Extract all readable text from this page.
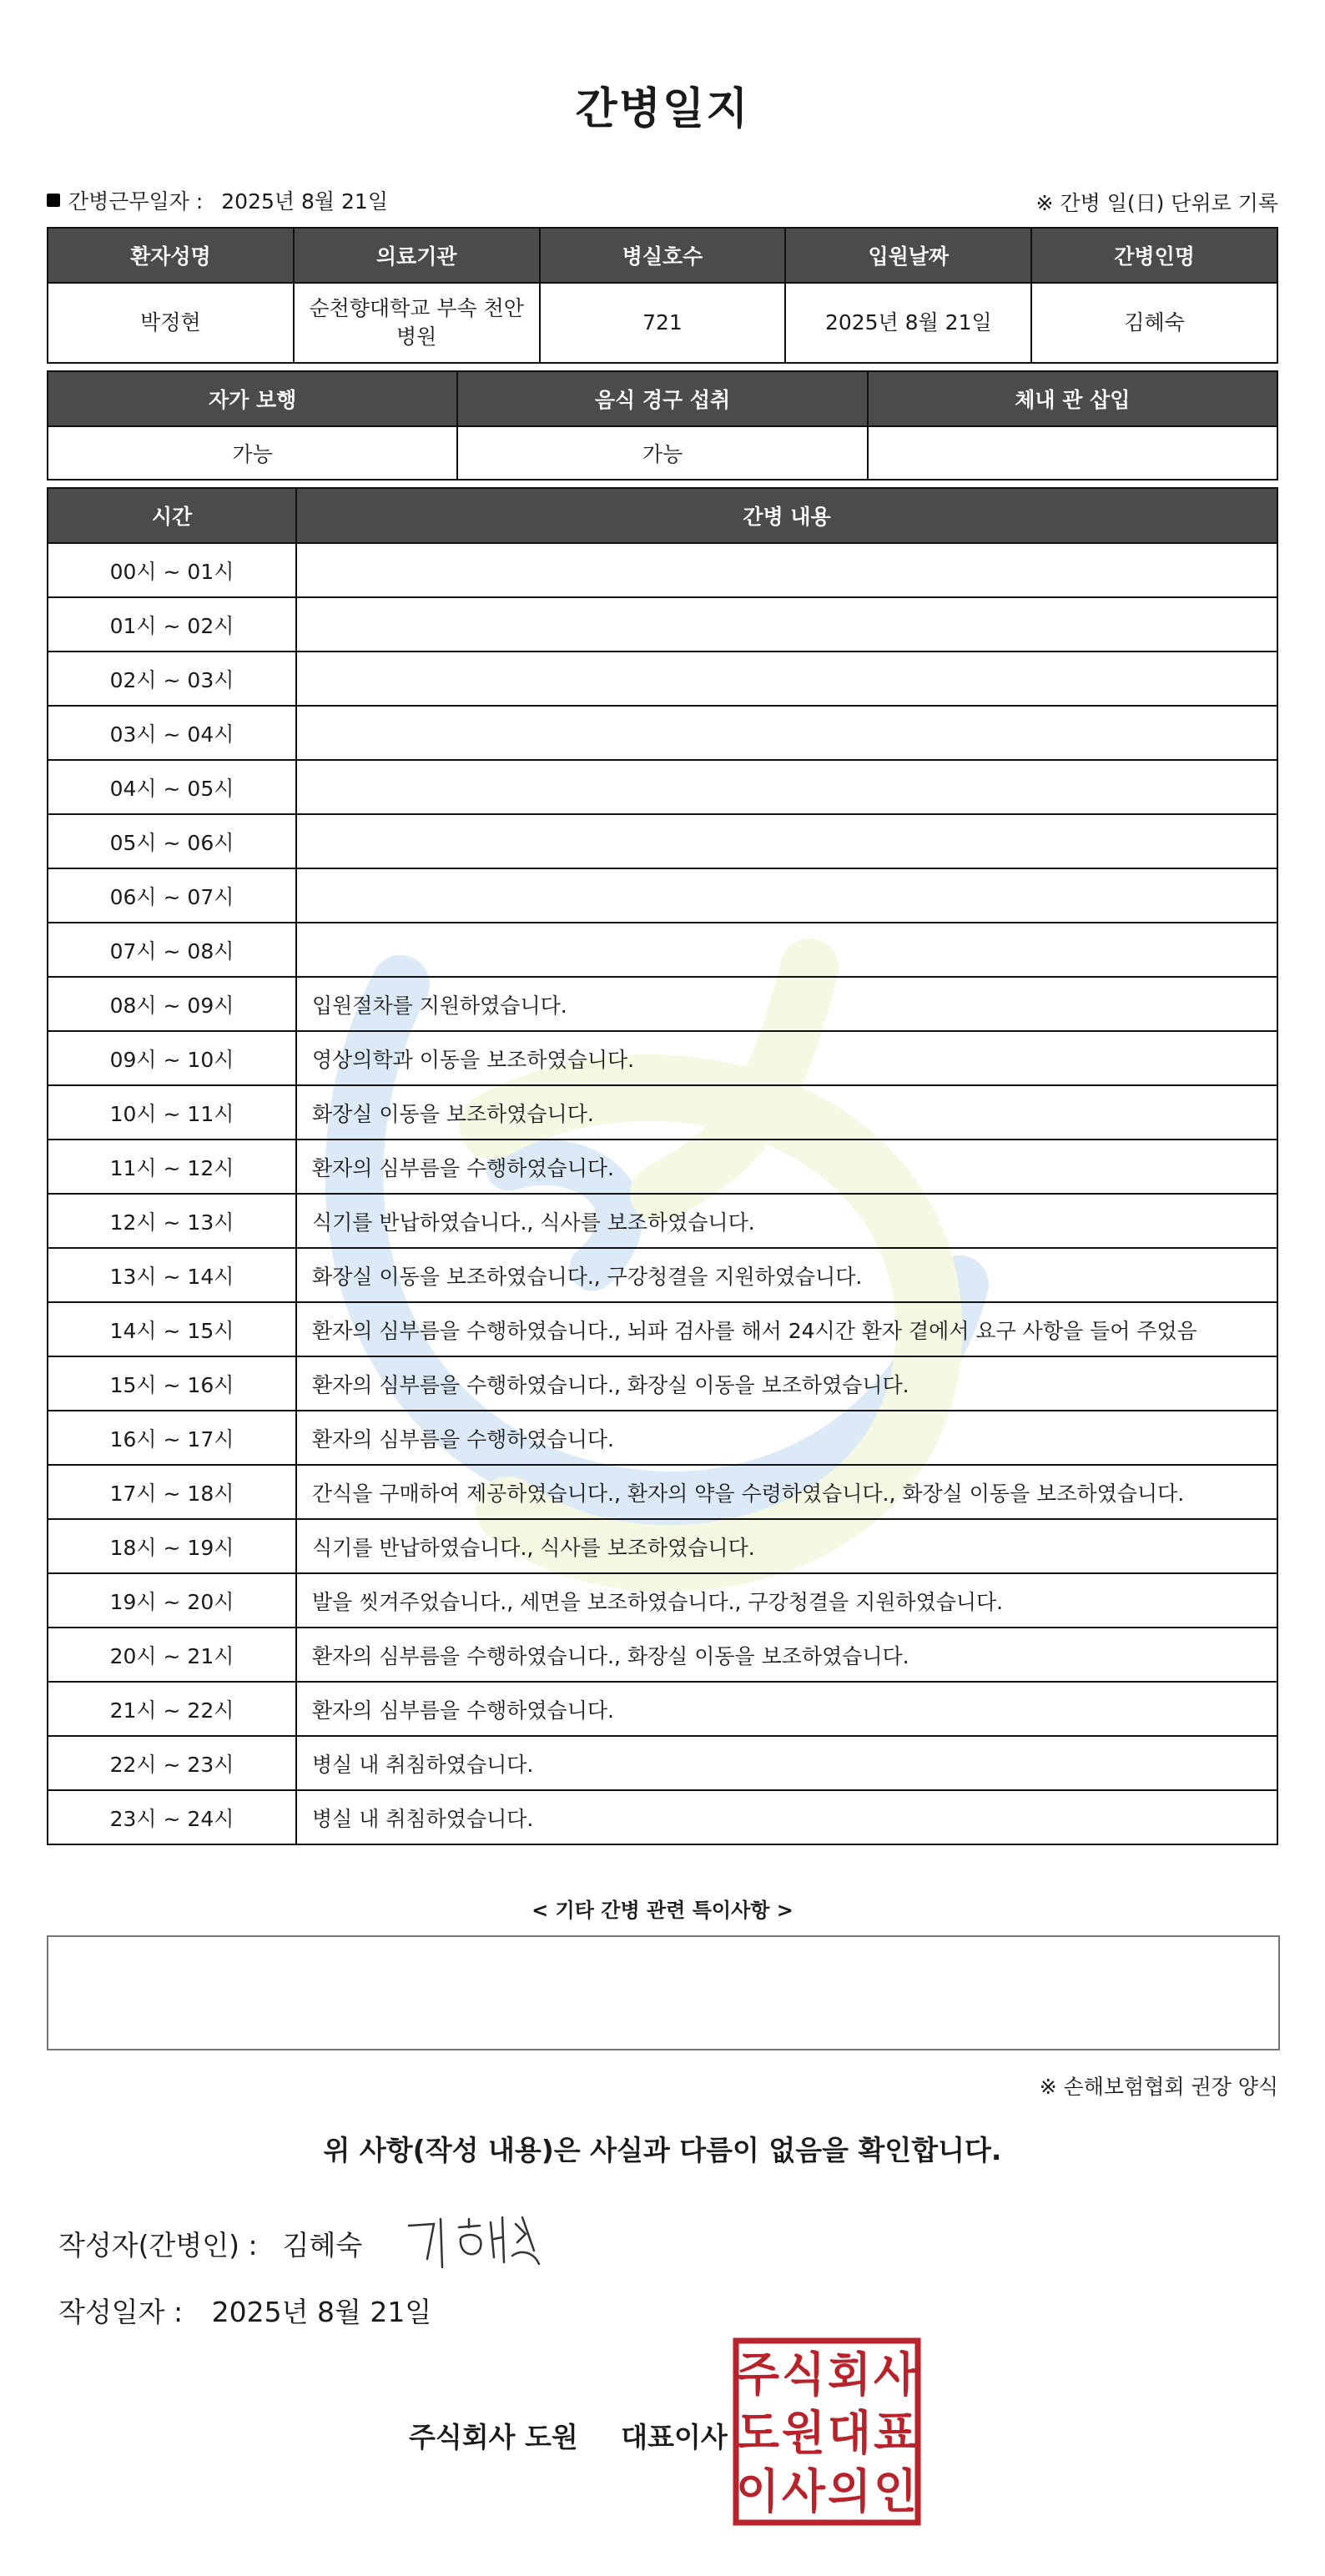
간병일지
간병근무일자 : 2025년 8월 21일	※ 간병 일(日) 단위로 기록
환자성명	의료기관	병실호수	입원날짜	간병인명
박정현	순천향대학교 부속 천안 병원	721	2025년 8월 21일	김혜숙
자가 보행	음식 경구 섭취	체내 관 삽입
가능	가능	
시간	간병 내용
00시 ~ 01시	
01시 ~ 02시	
02시 ~ 03시	
03시 ~ 04시	
04시 ~ 05시	
05시 ~ 06시	
06시 ~ 07시	
07시 ~ 08시	
08시 ~ 09시	입원절차를 지원하였습니다.
09시 ~ 10시	영상의학과 이동을 보조하였습니다.
10시 ~ 11시	화장실 이동을 보조하였습니다.
11시 ~ 12시	환자의 심부름을 수행하였습니다.
12시 ~ 13시	식기를 반납하였습니다., 식사를 보조하였습니다.
13시 ~ 14시	화장실 이동을 보조하였습니다., 구강청결을 지원하였습니다.
14시 ~ 15시	환자의 심부름을 수행하였습니다., 뇌파 검사를 해서 24시간 환자 곁에서 요구 사항을 들어 주었음
15시 ~ 16시	환자의 심부름을 수행하였습니다., 화장실 이동을 보조하였습니다.
16시 ~ 17시	환자의 심부름을 수행하였습니다.
17시 ~ 18시	간식을 구매하여 제공하였습니다., 환자의 약을 수령하였습니다., 화장실 이동을 보조하였습니다.
18시 ~ 19시	식기를 반납하였습니다., 식사를 보조하였습니다.
19시 ~ 20시	발을 씻겨주었습니다., 세면을 보조하였습니다., 구강청결을 지원하였습니다.
20시 ~ 21시	환자의 심부름을 수행하였습니다., 화장실 이동을 보조하였습니다.
21시 ~ 22시	환자의 심부름을 수행하였습니다.
22시 ~ 23시	병실 내 취침하였습니다.
23시 ~ 24시	병실 내 취침하였습니다.
< 기타 간병 관련 특이사항 >
※ 손해보험협회 권장 양식
위 사항(작성 내용)은 사실과 다름이 없음을 확인합니다.
작성자(간병인) : 김혜숙
작성일자 : 2025년 8월 21일
주식회사 도원 대표이사
주 식 회 사
도 원 대 표
이 사 의 인
